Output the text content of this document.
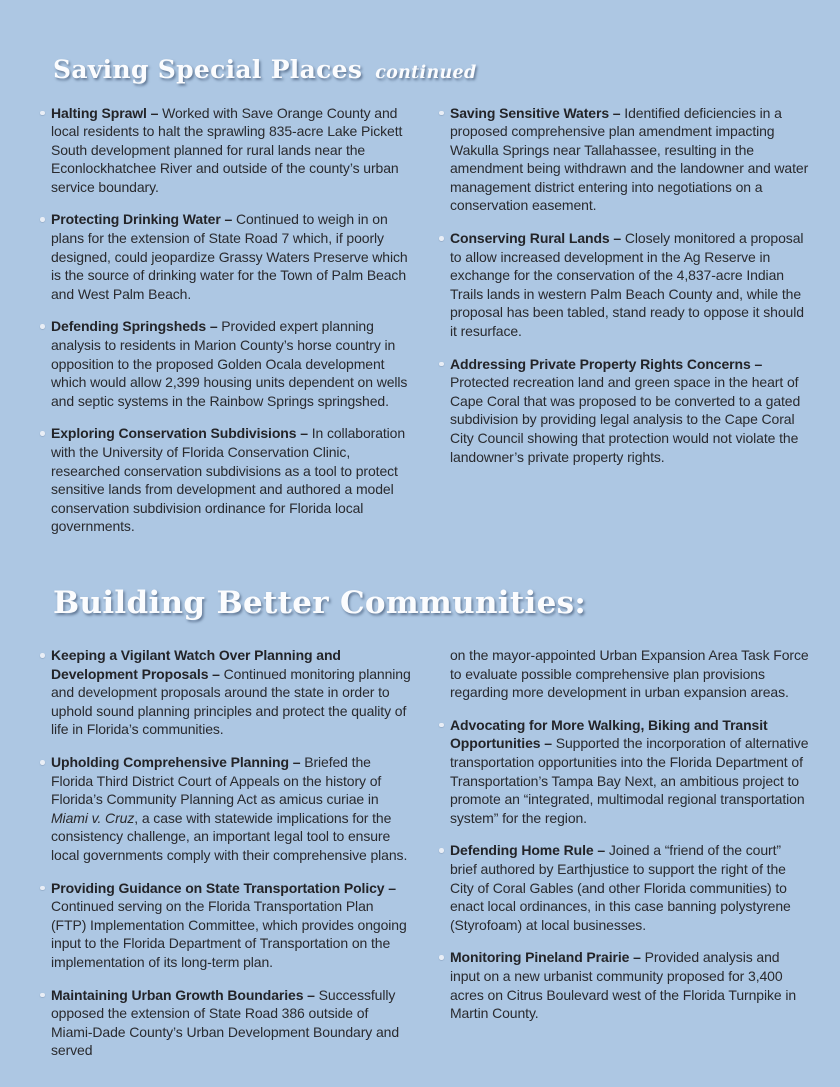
Saving Special Places continued

Halting Sprawl – Worked with Save Orange County and local residents to halt the sprawling 835-acre Lake Pickett South development planned for rural lands near the Econlockhatchee River and outside of the county’s urban service boundary.

Protecting Drinking Water – Continued to weigh in on plans for the extension of State Road 7 which, if poorly designed, could jeopardize Grassy Waters Preserve which is the source of drinking water for the Town of Palm Beach and West Palm Beach.

Defending Springsheds – Provided expert planning analysis to residents in Marion County’s horse country in opposition to the proposed Golden Ocala development which would allow 2,399 housing units dependent on wells and septic systems in the Rainbow Springs springshed.

Exploring Conservation Subdivisions – In collaboration with the University of Florida Conservation Clinic, researched conservation subdivisions as a tool to protect sensitive lands from development and authored a model conservation subdivision ordinance for Florida local governments.

Saving Sensitive Waters – Identified deficiencies in a proposed comprehensive plan amendment impacting Wakulla Springs near Tallahassee, resulting in the amendment being withdrawn and the landowner and water management district entering into negotiations on a conservation easement.

Conserving Rural Lands – Closely monitored a proposal to allow increased development in the Ag Reserve in exchange for the conservation of the 4,837-acre Indian Trails lands in western Palm Beach County and, while the proposal has been tabled, stand ready to oppose it should it resurface.

Addressing Private Property Rights Concerns – Protected recreation land and green space in the heart of Cape Coral that was proposed to be converted to a gated subdivision by providing legal analysis to the Cape Coral City Council showing that protection would not violate the landowner’s private property rights.

Building Better Communities:

Keeping a Vigilant Watch Over Planning and Development Proposals – Continued monitoring planning and development proposals around the state in order to uphold sound planning principles and protect the quality of life in Florida’s communities.

Upholding Comprehensive Planning – Briefed the Florida Third District Court of Appeals on the history of Florida’s Community Planning Act as amicus curiae in Miami v. Cruz, a case with statewide implications for the consistency challenge, an important legal tool to ensure local governments comply with their comprehensive plans.

Providing Guidance on State Transportation Policy – Continued serving on the Florida Transportation Plan (FTP) Implementation Committee, which provides ongoing input to the Florida Department of Transportation on the implementation of its long-term plan.

Maintaining Urban Growth Boundaries – Successfully opposed the extension of State Road 386 outside of Miami-Dade County’s Urban Development Boundary and served

on the mayor-appointed Urban Expansion Area Task Force to evaluate possible comprehensive plan provisions regarding more development in urban expansion areas.

Advocating for More Walking, Biking and Transit Opportunities – Supported the incorporation of alternative transportation opportunities into the Florida Department of Transportation’s Tampa Bay Next, an ambitious project to promote an “integrated, multimodal regional transportation system” for the region.

Defending Home Rule – Joined a “friend of the court” brief authored by Earthjustice to support the right of the City of Coral Gables (and other Florida communities) to enact local ordinances, in this case banning polystyrene (Styrofoam) at local businesses.

Monitoring Pineland Prairie – Provided analysis and input on a new urbanist community proposed for 3,400 acres on Citrus Boulevard west of the Florida Turnpike in Martin County.
